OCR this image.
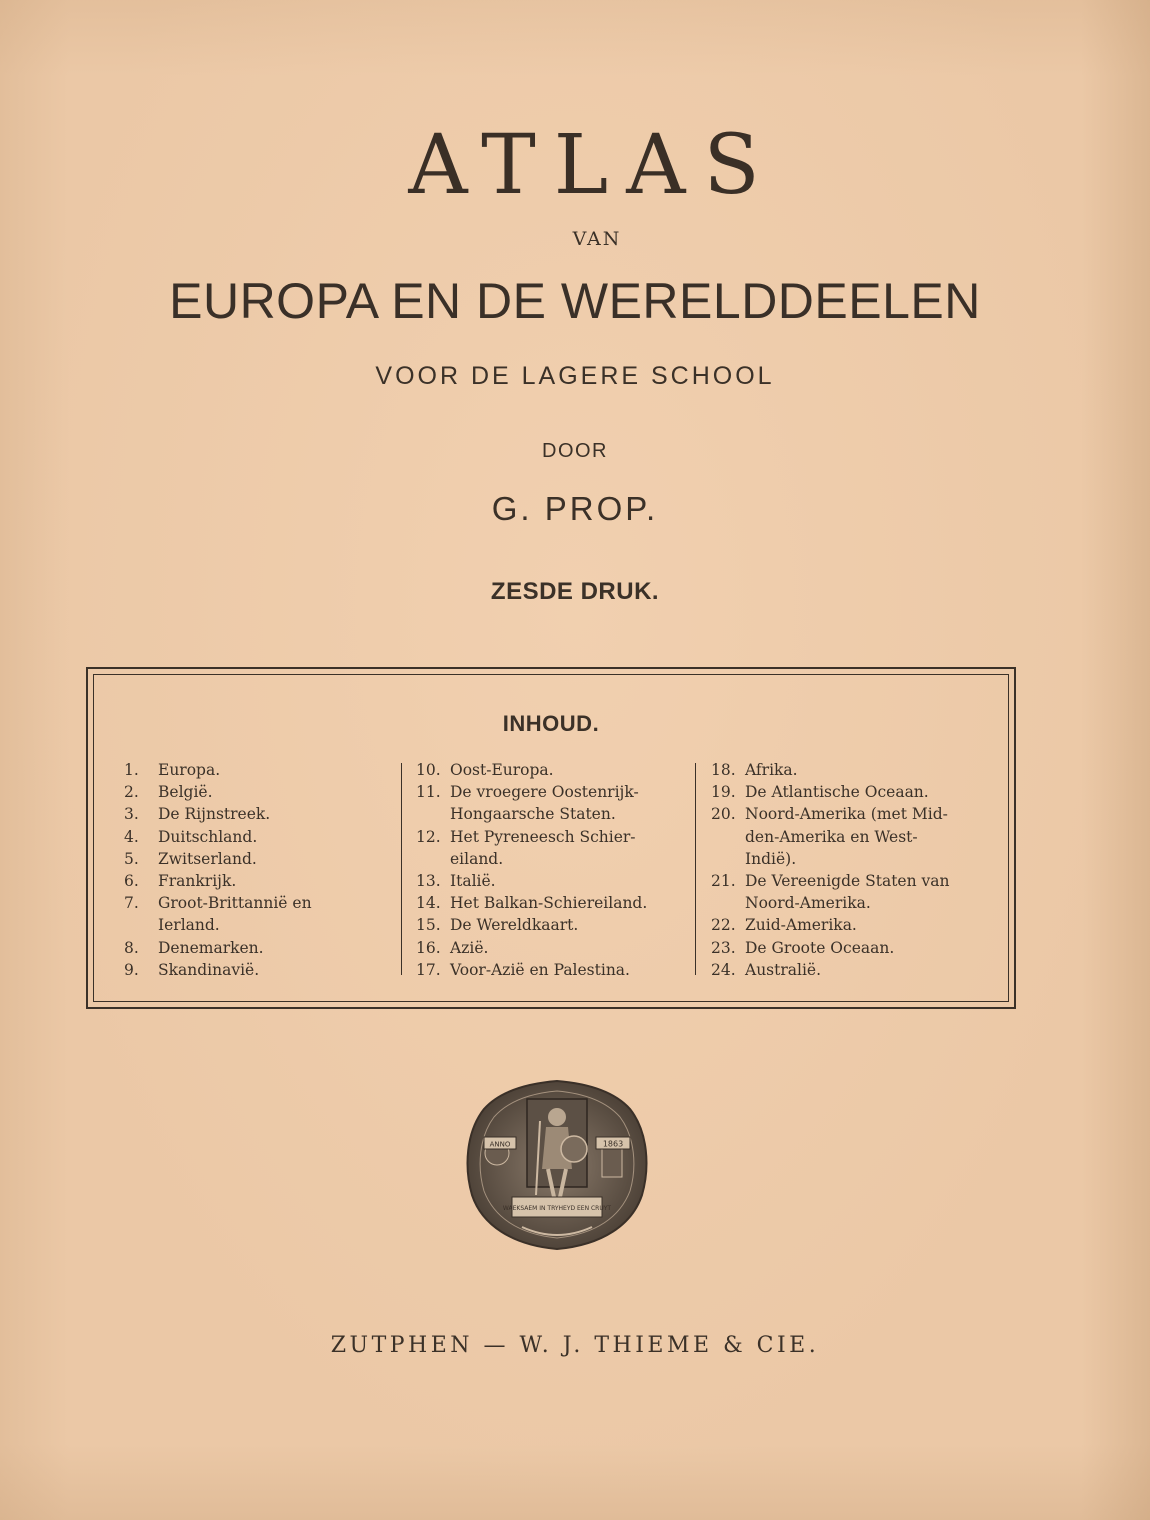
ATLAS
VAN
EUROPA EN DE WERELDDEELEN
VOOR DE LAGERE SCHOOL
DOOR
G. PROP.
ZESDE DRUK.
INHOUD.
1.	Europa.
2.	België.
3.	De Rijnstreek.
4.	Duitschland.
5.	Zwitserland.
6.	Frankrijk.
7.	Groot-Brittannië en
Ierland.
8.	Denemarken.
9.	Skandinavië.
10. Oost-Europa.
11. De vroegere Oostenrijk-
Hongaarsche Staten.
12. Het Pyreneesch Schier-
eiland.
13. Italië.
14. Het Balkan-Schiereiland.
15. De Wereldkaart.
16. Azië.
17. Voor-Azië en Palestina.
18. Afrika.
19. De Atlantische Oceaan.
20. Noord-Amerika (met Mid-
den-Amerika en West-
Indië).
21. De Vereenigde Staten van
Noord-Amerika.
22. Zuid-Amerika.
23. De Groote Oceaan.
24. Australië.
ANNO	1863
WAEKSAEM IN TRYHEYD EEN CRUYT
ZUTPHEN — W. J. THIEME & CIE.
